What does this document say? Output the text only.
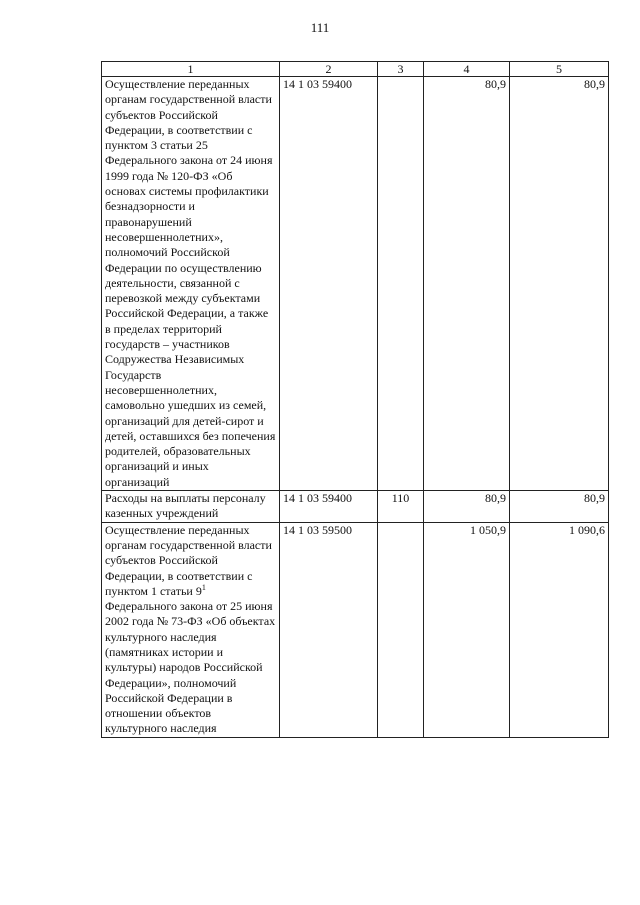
111
1	2	3	4	5
Осуществление переданных органам государственной власти субъектов Российской Федерации, в соответствии с пунктом 3 статьи 25 Федерального закона от 24 июня 1999 года № 120-ФЗ «Об основах системы профилактики безнадзорности и правонарушений несовершеннолетних», полномочий Российской Федерации по осуществлению деятельности, связанной с перевозкой между субъектами Российской Федерации, а также в пределах территорий государств – участников Содружества Независимых Государств несовершеннолетних, самовольно ушедших из семей, организаций для детей-сирот и детей, оставшихся без попечения родителей, образовательных организаций и иных организаций	14 1 03 59400		80,9	80,9
Расходы на выплаты персоналу казенных учреждений	14 1 03 59400	110	80,9	80,9
Осуществление переданных органам государственной власти субъектов Российской Федерации, в соответствии с пунктом 1 статьи $9^1$ Федерального закона от 25 июня 2002 года № 73-ФЗ «Об объектах культурного наследия (памятниках истории и культуры) народов Российской Федерации», полномочий Российской Федерации в отношении объектов культурного наследия	14 1 03 59500		1 050,9	1 090,6
